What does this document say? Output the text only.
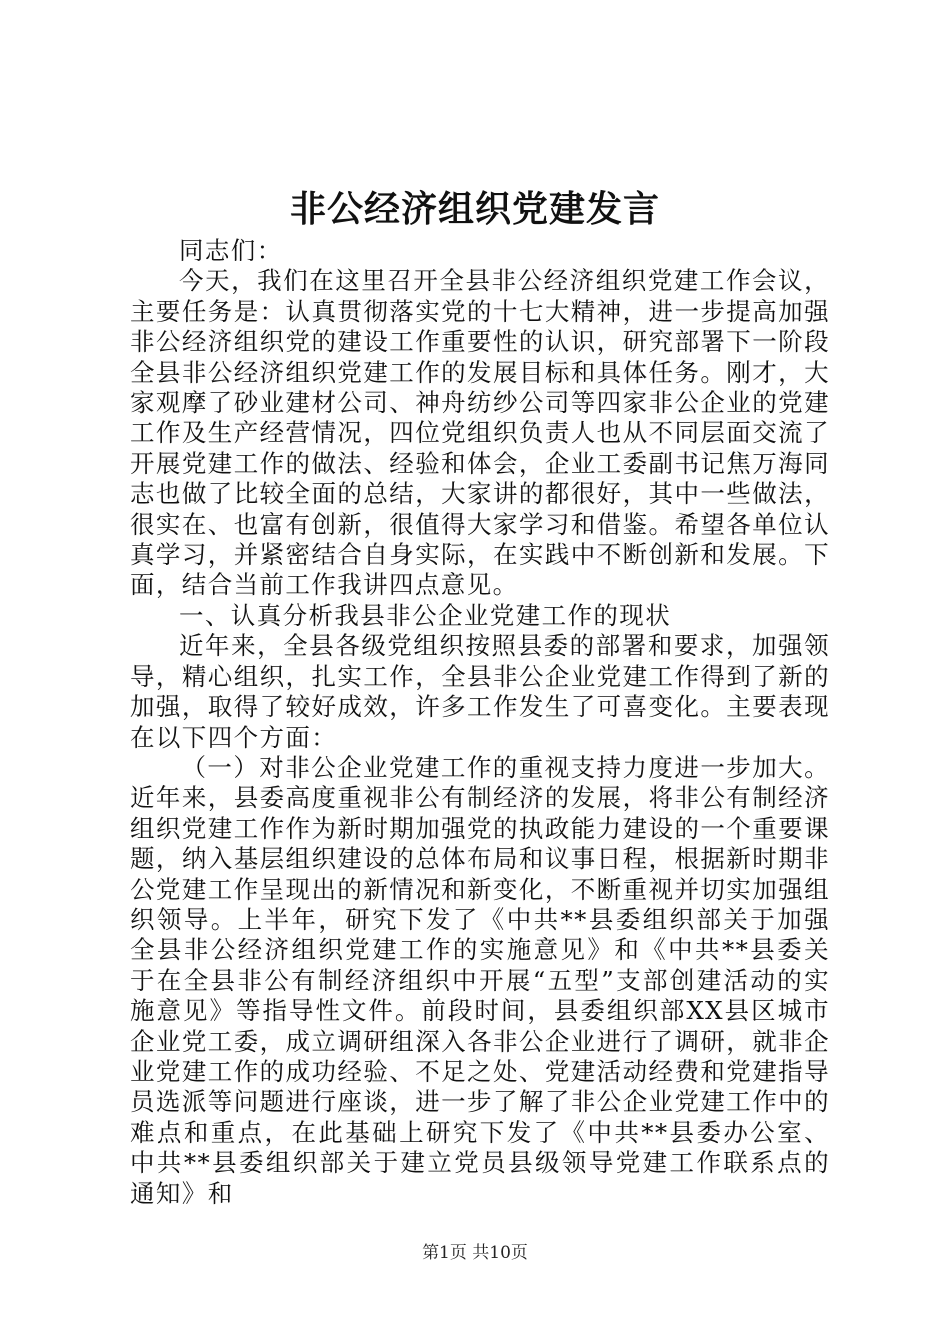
非公经济组织党建发言

同志们：

今天，我们在这里召开全县非公经济组织党建工作会议，主要任务是：认真贯彻落实党的十七大精神，进一步提高加强非公经济组织党的建设工作重要性的认识，研究部署下一阶段全县非公经济组织党建工作的发展目标和具体任务。刚才，大家观摩了砂业建材公司、神舟纺纱公司等四家非公企业的党建工作及生产经营情况，四位党组织负责人也从不同层面交流了开展党建工作的做法、经验和体会，企业工委副书记焦万海同志也做了比较全面的总结，大家讲的都很好，其中一些做法，很实在、也富有创新，很值得大家学习和借鉴。希望各单位认真学习，并紧密结合自身实际，在实践中不断创新和发展。下面，结合当前工作我讲四点意见。

一、认真分析我县非公企业党建工作的现状

近年来，全县各级党组织按照县委的部署和要求，加强领导，精心组织，扎实工作，全县非公企业党建工作得到了新的加强，取得了较好成效，许多工作发生了可喜变化。主要表现在以下四个方面：

（一）对非公企业党建工作的重视支持力度进一步加大。近年来，县委高度重视非公有制经济的发展，将非公有制经济组织党建工作作为新时期加强党的执政能力建设的一个重要课题，纳入基层组织建设的总体布局和议事日程，根据新时期非公党建工作呈现出的新情况和新变化，不断重视并切实加强组织领导。上半年，研究下发了《中共**县委组织部关于加强全县非公经济组织党建工作的实施意见》和《中共**县委关于在全县非公有制经济组织中开展“五型”支部创建活动的实施意见》等指导性文件。前段时间，县委组织部XX县区城市企业党工委，成立调研组深入各非公企业进行了调研，就非企业党建工作的成功经验、不足之处、党建活动经费和党建指导员选派等问题进行座谈，进一步了解了非公企业党建工作中的难点和重点，在此基础上研究下发了《中共**县委办公室、中共**县委组织部关于建立党员县级领导党建工作联系点的通知》和

第1页 共10页
